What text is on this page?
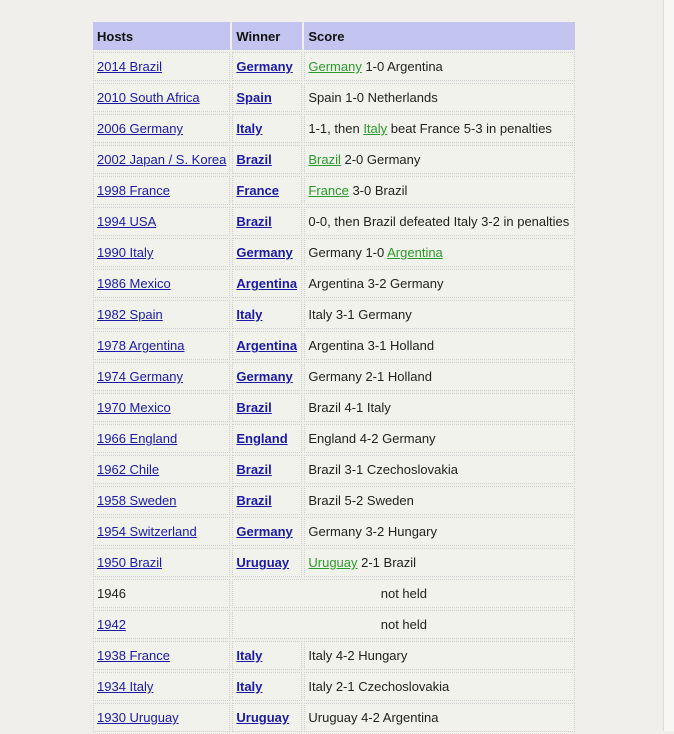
Hosts	Winner	Score
2014 Brazil	Germany	Germany 1-0 Argentina
2010 South Africa	Spain	Spain 1-0 Netherlands
2006 Germany	Italy	1-1, then Italy beat France 5-3 in penalties
2002 Japan / S. Korea	Brazil	Brazil 2-0 Germany
1998 France	France	France 3-0 Brazil
1994 USA	Brazil	0-0, then Brazil defeated Italy 3-2 in penalties
1990 Italy	Germany	Germany 1-0 Argentina
1986 Mexico	Argentina	Argentina 3-2 Germany
1982 Spain	Italy	Italy 3-1 Germany
1978 Argentina	Argentina	Argentina 3-1 Holland
1974 Germany	Germany	Germany 2-1 Holland
1970 Mexico	Brazil	Brazil 4-1 Italy
1966 England	England	England 4-2 Germany
1962 Chile	Brazil	Brazil 3-1 Czechoslovakia
1958 Sweden	Brazil	Brazil 5-2 Sweden
1954 Switzerland	Germany	Germany 3-2 Hungary
1950 Brazil	Uruguay	Uruguay 2-1 Brazil
1946	not held	
1942	not held	
1938 France	Italy	Italy 4-2 Hungary
1934 Italy	Italy	Italy 2-1 Czechoslovakia
1930 Uruguay	Uruguay	Uruguay 4-2 Argentina
